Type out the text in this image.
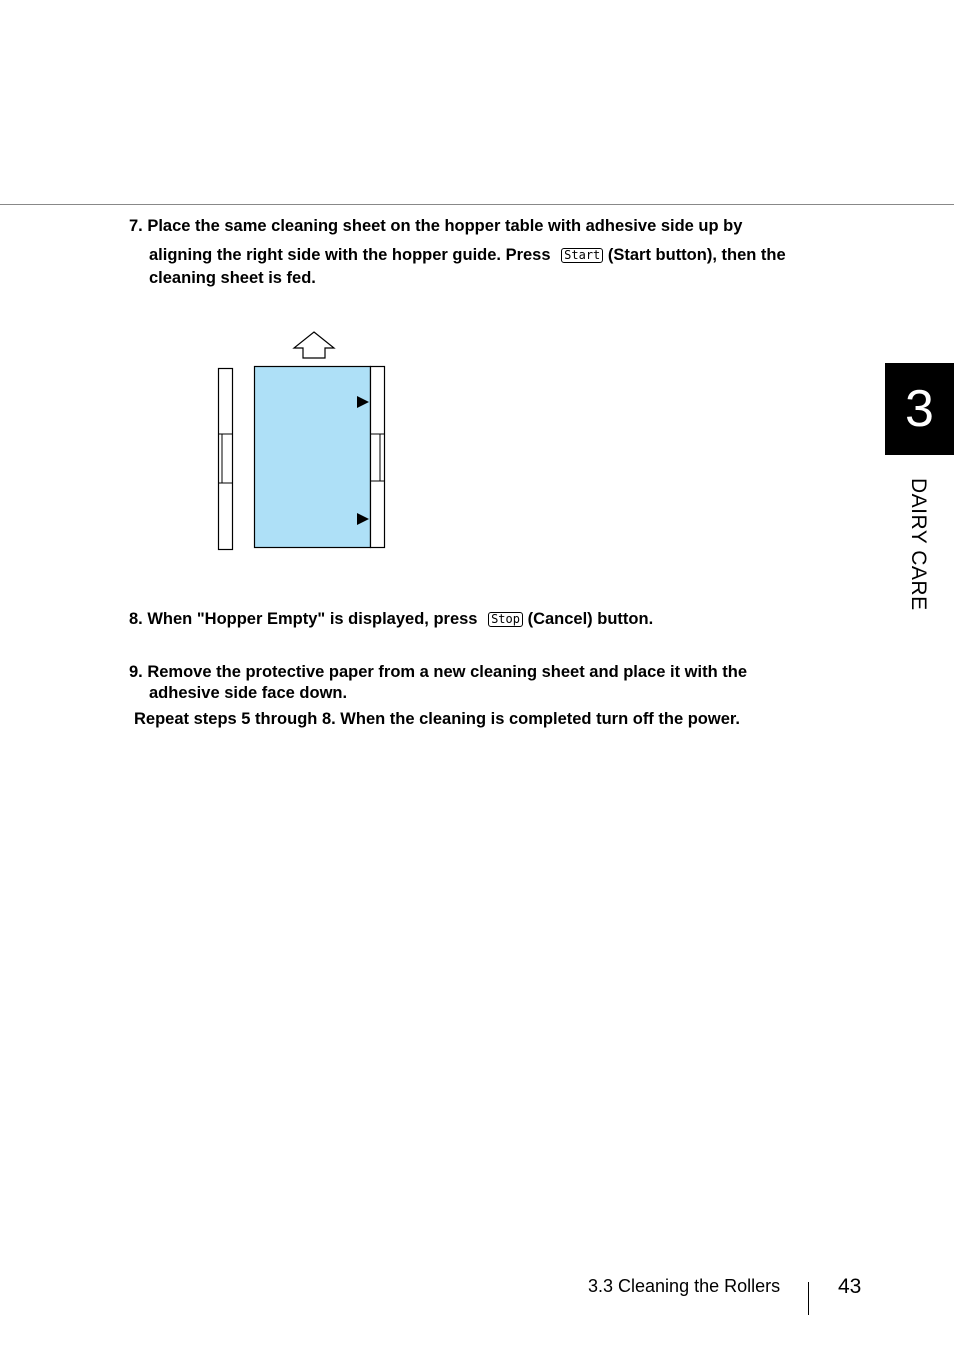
7. Place the same cleaning sheet on the hopper table with adhesive side up by
aligning the right side with the hopper guide. Press Start (Start button), then the
cleaning sheet is fed.
8. When "Hopper Empty" is displayed, press Stop (Cancel) button.
9. Remove the protective paper from a new cleaning sheet and place it with the
adhesive side face down.
Repeat steps 5 through 8. When the cleaning is completed turn off the power.
3
DAIRY CARE
3.3 Cleaning the Rollers	43
